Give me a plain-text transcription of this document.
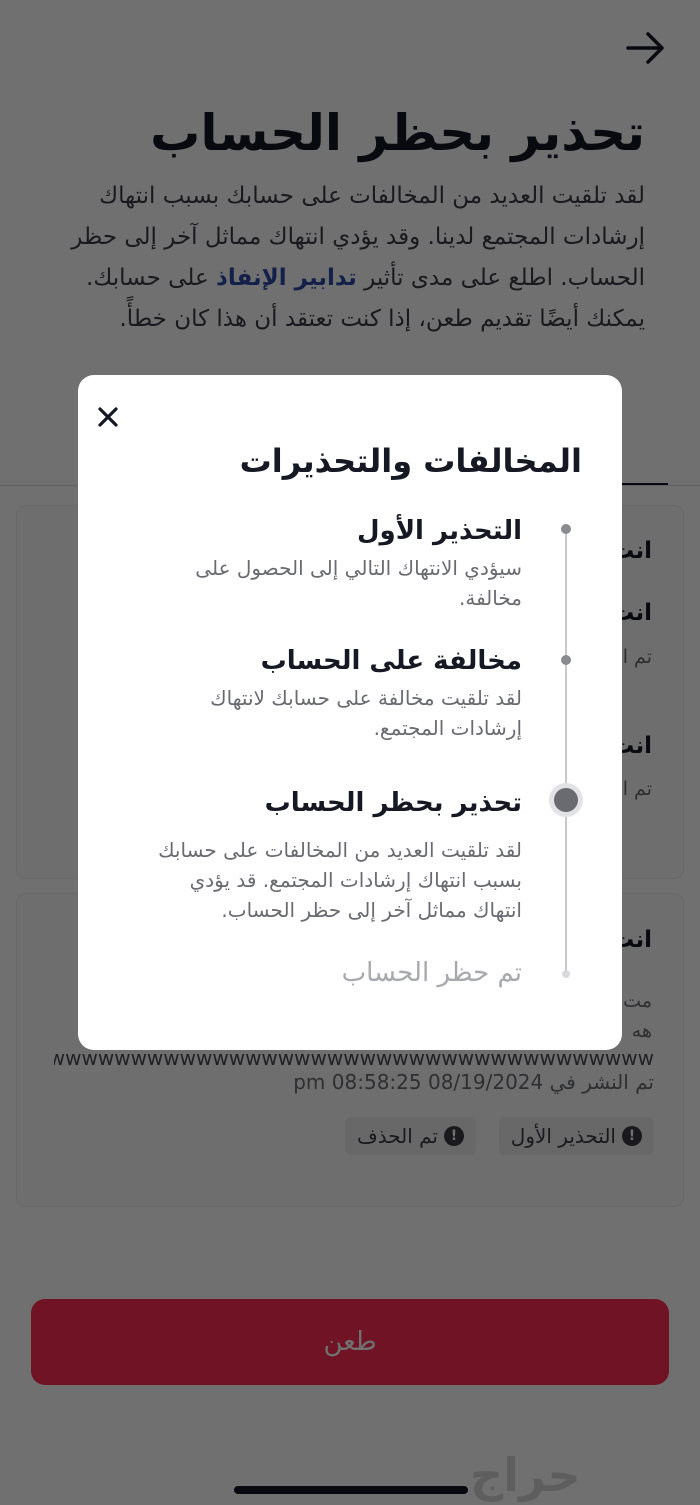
المخالفات والتحذيرات
التحذير الأول

سيؤدي الانتهاك التالي إلى الحصول على مخالفة.

مخالفة على الحساب

لقد تلقيت مخالفة على حسابك لانتهاك إرشادات المجتمع.

تحذير بحظر الحساب

لقد تلقيت العديد من المخالفات على حسابك بسبب انتهاك إرشادات المجتمع. قد يؤدي انتهاك مماثل آخر إلى حظر الحساب.

تم حظر الحساب
